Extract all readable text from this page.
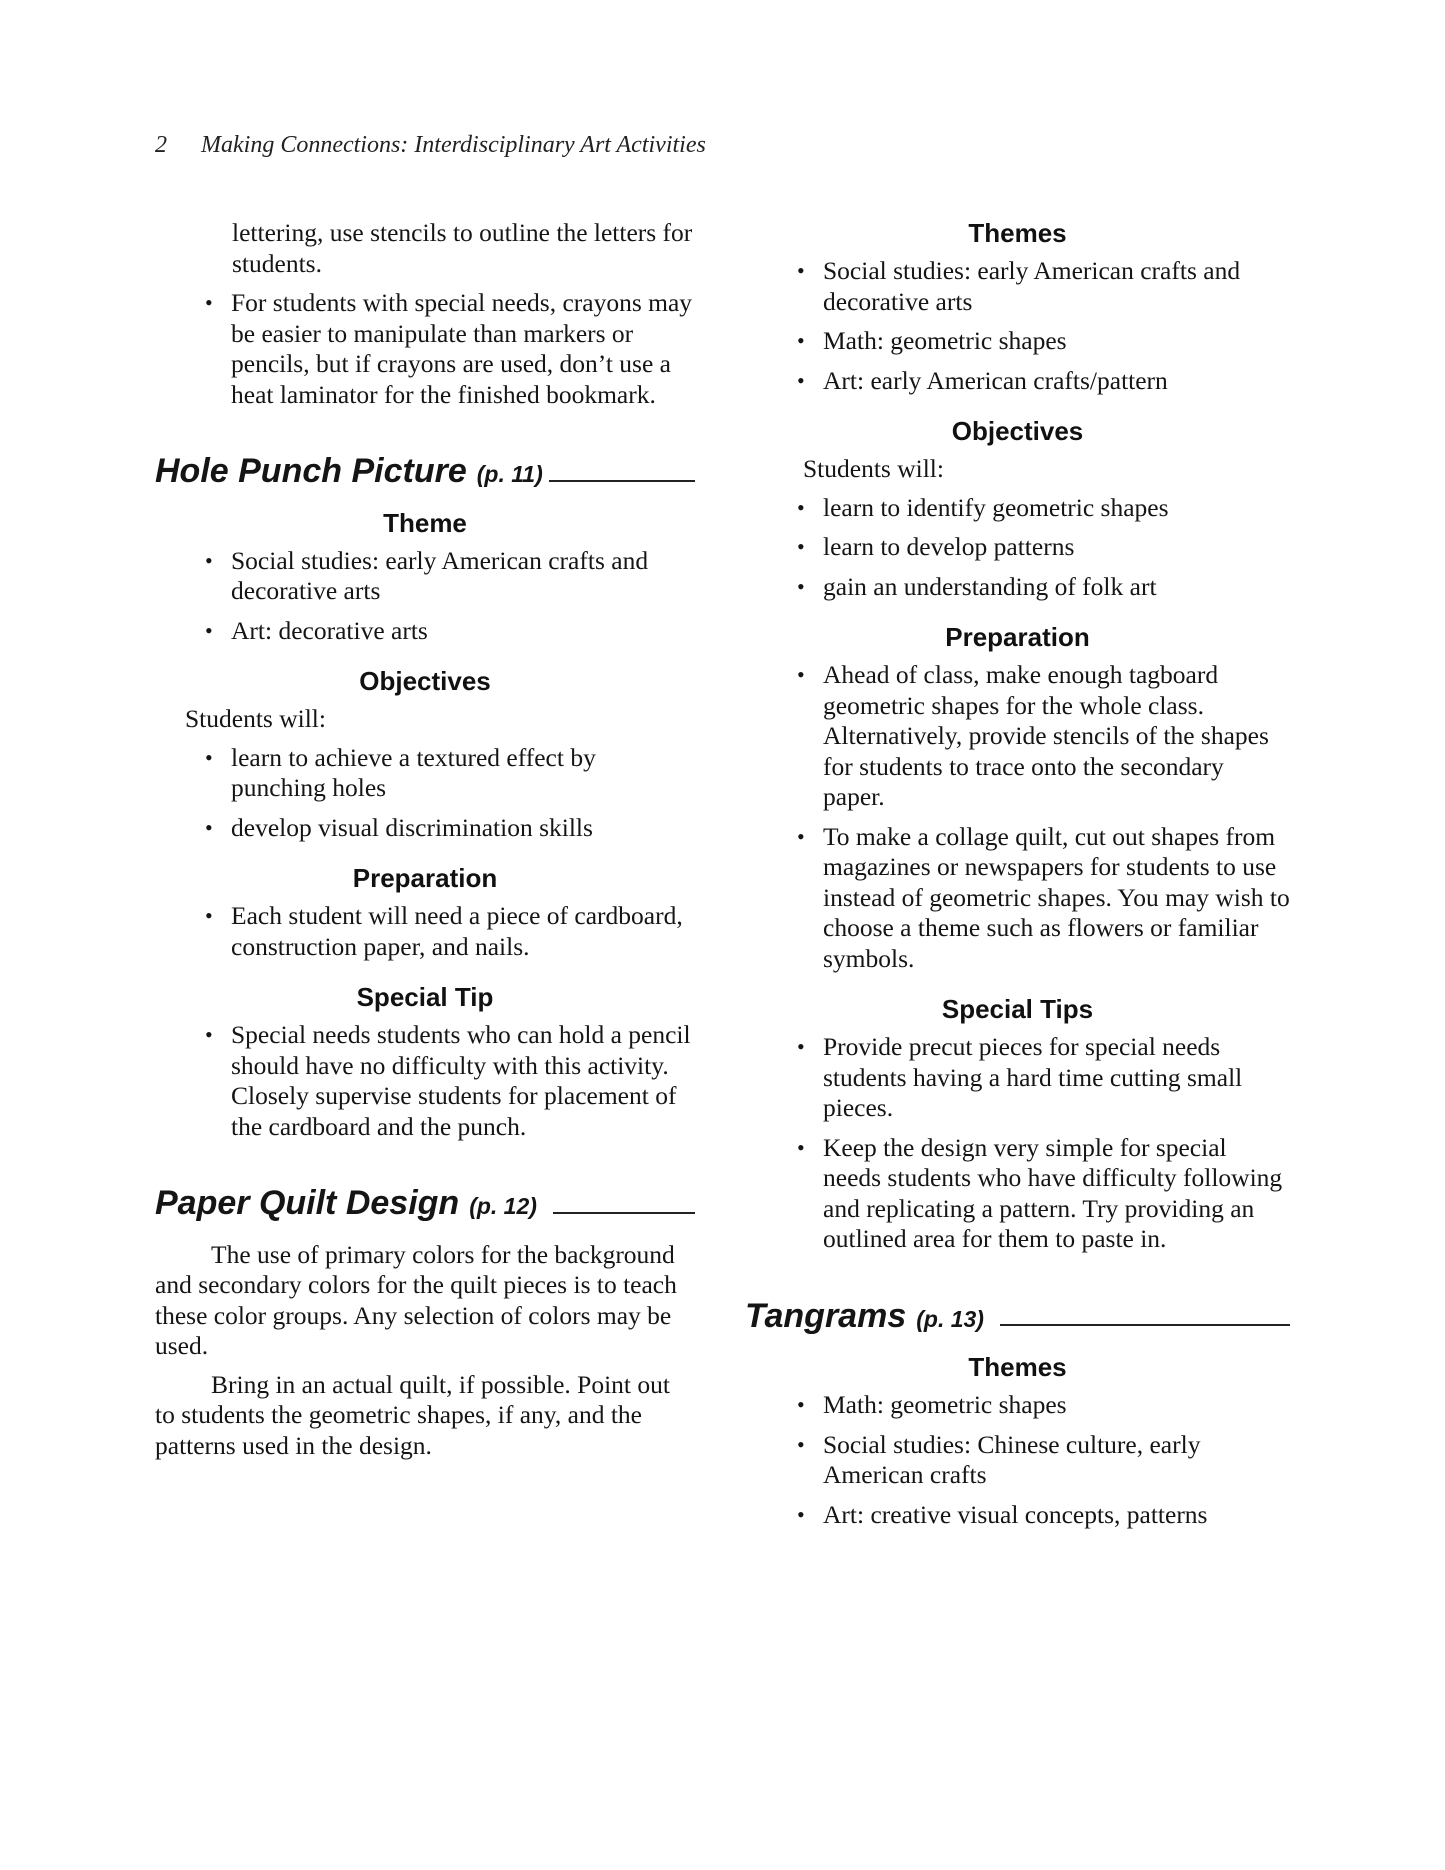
2 Making Connections: Interdisciplinary Art Activities
lettering, use stencils to outline the letters for students.
• For students with special needs, crayons may be easier to manipulate than markers or pencils, but if crayons are used, don’t use a heat laminator for the finished bookmark.
Hole Punch Picture (p. 11)
Theme
• Social studies: early American crafts and decorative arts
• Art: decorative arts
Objectives
Students will:
• learn to achieve a textured effect by punching holes
• develop visual discrimination skills
Preparation
• Each student will need a piece of cardboard, construction paper, and nails.
Special Tip
• Special needs students who can hold a pencil should have no difficulty with this activity. Closely supervise students for placement of the cardboard and the punch.
Paper Quilt Design (p. 12)

The use of primary colors for the background and secondary colors for the quilt pieces is to teach these color groups. Any selection of colors may be used.

Bring in an actual quilt, if possible. Point out to students the geometric shapes, if any, and the patterns used in the design.

Themes
• Social studies: early American crafts and decorative arts
• Math: geometric shapes
• Art: early American crafts/pattern
Objectives
Students will:
• learn to identify geometric shapes
• learn to develop patterns
• gain an understanding of folk art
Preparation
• Ahead of class, make enough tagboard geometric shapes for the whole class. Alternatively, provide stencils of the shapes for students to trace onto the secondary paper.
• To make a collage quilt, cut out shapes from magazines or newspapers for students to use instead of geometric shapes. You may wish to choose a theme such as flowers or familiar symbols.
Special Tips
• Provide precut pieces for special needs students having a hard time cutting small pieces.
• Keep the design very simple for special needs students who have difficulty following and replicating a pattern. Try providing an outlined area for them to paste in.
Tangrams (p. 13)
Themes
• Math: geometric shapes
• Social studies: Chinese culture, early American crafts
• Art: creative visual concepts, patterns
